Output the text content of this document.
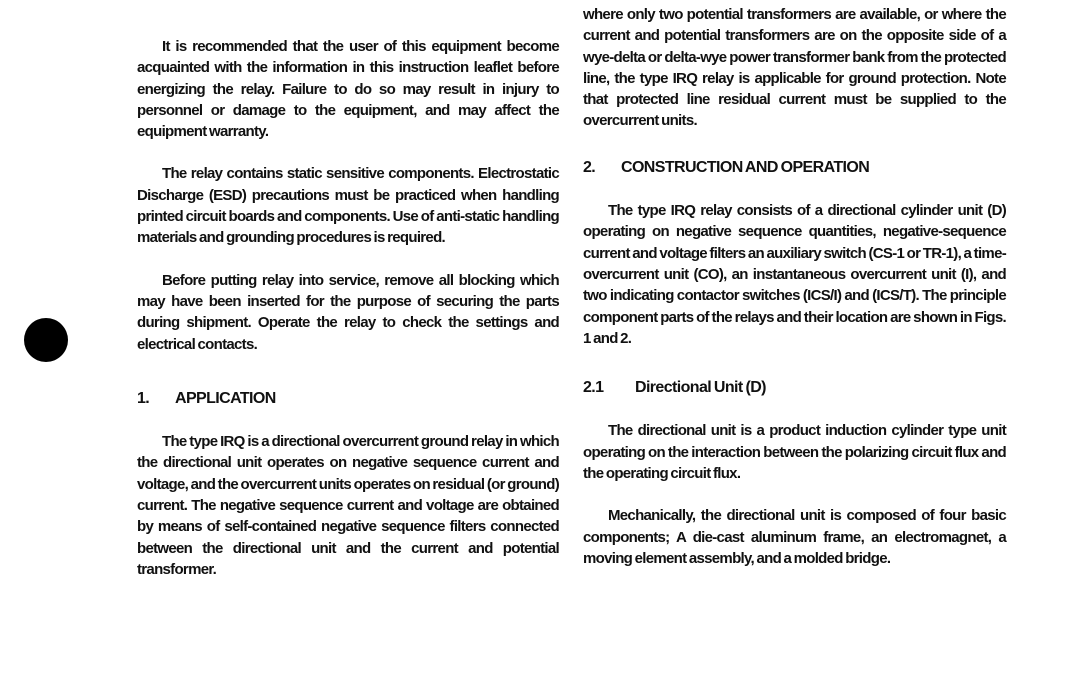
It is recommended that the user of this equipment become acquainted with the information in this instruction leaflet before energizing the relay. Failure to do so may result in injury to personnel or damage to the equipment, and may affect the equipment warranty.

The relay contains static sensitive components. Electrostatic Discharge (ESD) precautions must be practiced when handling printed circuit boards and components. Use of anti-static handling materials and grounding procedures is required.

Before putting relay into service, remove all blocking which may have been inserted for the purpose of securing the parts during shipment. Operate the relay to check the settings and electrical contacts.

1. APPLICATION

The type IRQ is a directional overcurrent ground relay in which the directional unit operates on negative sequence current and voltage, and the overcurrent units operates on residual (or ground) current. The negative sequence current and voltage are obtained by means of self-contained negative sequence filters connected between the directional unit and the current and potential transformer.

where only two potential transformers are available, or where the current and potential transformers are on the opposite side of a wye-delta or delta-wye power transformer bank from the protected line, the type IRQ relay is applicable for ground protection. Note that protected line residual current must be supplied to the overcurrent units.

2. CONSTRUCTION AND OPERATION

The type IRQ relay consists of a directional cylinder unit (D) operating on negative sequence quantities, negative-sequence current and voltage filters an auxiliary switch (CS-1 or TR-1), a time-overcurrent unit (CO), an instantaneous overcurrent unit (I), and two indicating contactor switches (ICS/I) and (ICS/T). The principle component parts of the relays and their location are shown in Figs. 1 and 2.

2.1 Directional Unit (D)

The directional unit is a product induction cylinder type unit operating on the interaction between the polarizing circuit flux and the operating circuit flux.

Mechanically, the directional unit is composed of four basic components; A die-cast aluminum frame, an electromagnet, a moving element assembly, and a molded bridge.
